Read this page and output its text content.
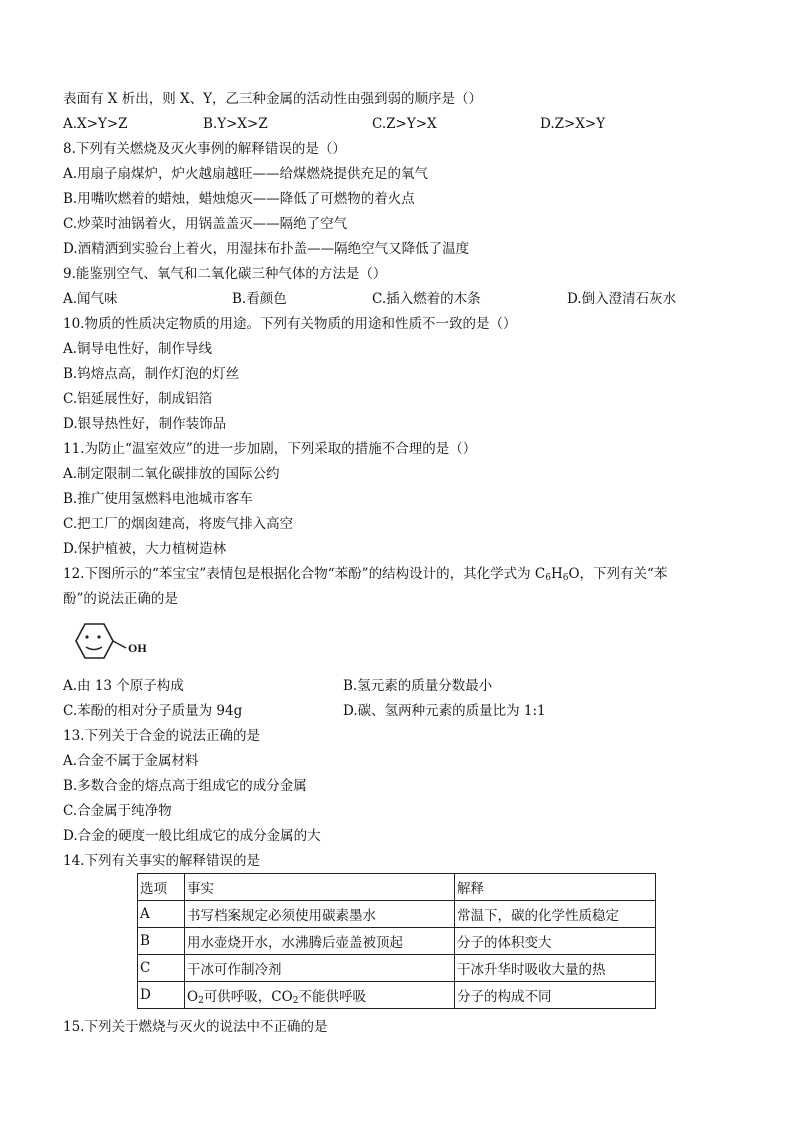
表面有 X 析出，则 X、Y，乙三种金属的活动性由强到弱的顺序是（）
A.X>Y>Z	B.Y>X>Z	C.Z>Y>X	D.Z>X>Y
8.下列有关燃烧及灭火事例的解释错误的是（）
A.用扇子扇煤炉，炉火越扇越旺——给煤燃烧提供充足的氧气
B.用嘴吹燃着的蜡烛，蜡烛熄灭——降低了可燃物的着火点
C.炒菜时油锅着火，用锅盖盖灭——隔绝了空气
D.酒精洒到实验台上着火，用湿抹布扑盖——隔绝空气又降低了温度
9.能鉴别空气、氧气和二氧化碳三种气体的方法是（）
A.闻气味	B.看颜色	C.插入燃着的木条	D.倒入澄清石灰水
10.物质的性质决定物质的用途。下列有关物质的用途和性质不一致的是（）
A.铜导电性好，制作导线
B.钨熔点高，制作灯泡的灯丝
C.铝延展性好，制成铝箔
D.银导热性好，制作装饰品
11.为防止“温室效应”的进一步加剧，下列采取的措施不合理的是（）
A.制定限制二氧化碳排放的国际公约
B.推广使用氢燃料电池城市客车
C.把工厂的烟囱建高，将废气排入高空
D.保护植被，大力植树造林
12.下图所示的“苯宝宝”表情包是根据化合物“苯酚”的结构设计的，其化学式为 $C_6H_6O$，下列有关“苯
酚”的说法正确的是
OH
A.由 13 个原子构成	B.氢元素的质量分数最小
C.苯酚的相对分子质量为 94g	D.碳、氢两种元素的质量比为 1:1
13.下列关于合金的说法正确的是
A.合金不属于金属材料
B.多数合金的熔点高于组成它的成分金属
C.合金属于纯净物
D.合金的硬度一般比组成它的成分金属的大
14.下列有关事实的解释错误的是
选项	事实	解释
A	书写档案规定必须使用碳素墨水	常温下，碳的化学性质稳定
B	用水壶烧开水，水沸腾后壶盖被顶起	分子的体积变大
C	干冰可作制冷剂	干冰升华时吸收大量的热
D	$O_2$可供呼吸，$CO_2$不能供呼吸	分子的构成不同
15.下列关于燃烧与灭火的说法中不正确的是
